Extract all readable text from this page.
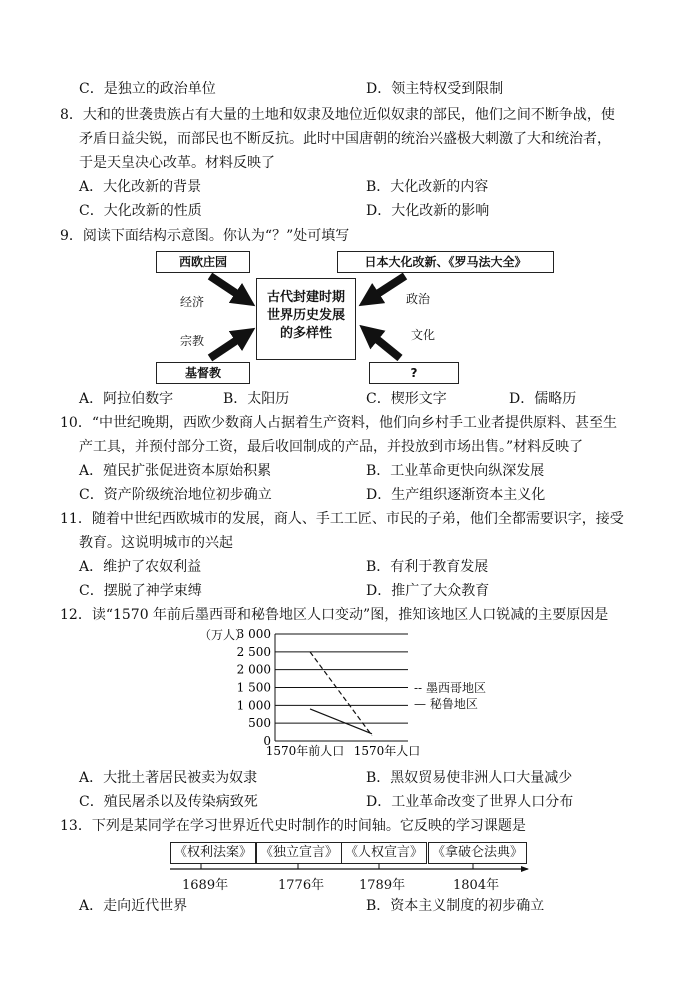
C．是独立的政治单位	D．领主特权受到限制
8．大和的世袭贵族占有大量的土地和奴隶及地位近似奴隶的部民，他们之间不断争战，使
矛盾日益尖锐，而部民也不断反抗。此时中国唐朝的统治兴盛极大刺激了大和统治者，
于是天皇决心改革。材料反映了
A．大化改新的背景	B．大化改新的内容
C．大化改新的性质	D．大化改新的影响
9．阅读下面结构示意图。你认为“？”处可填写
西欧庄园	日本大化改新、《罗马法大全》
古代封建时期
世界历史发展
的多样性
基督教	?
经济
宗教
政治
文化
A．阿拉伯数字	B．太阳历	C．楔形文字	D．儒略历
10．“中世纪晚期，西欧少数商人占据着生产资料，他们向乡村手工业者提供原料、甚至生
产工具，并预付部分工资，最后收回制成的产品，并投放到市场出售。”材料反映了
A．殖民扩张促进资本原始积累	B．工业革命更快向纵深发展
C．资产阶级统治地位初步确立	D．生产组织逐渐资本主义化
11．随着中世纪西欧城市的发展，商人、手工工匠、市民的子弟，他们全都需要识字，接受
教育。这说明城市的兴起
A．维护了农奴利益	B．有利于教育发展
C．摆脱了神学束缚	D．推广了大众教育
12．读“1570 年前后墨西哥和秘鲁地区人口变动”图，推知该地区人口锐减的主要原因是
0
500
1 000
1 500
2 000
2 500
3 000
1570年前人口 1570年人口
（万人）
-- 墨西哥地区
— 秘鲁地区
A．大批土著居民被卖为奴隶	B．黑奴贸易使非洲人口大量减少
C．殖民屠杀以及传染病致死	D．工业革命改变了世界人口分布
13．下列是某同学在学习世界近代史时制作的时间轴。它反映的学习课题是
《权利法案》 《独立宣言》 《人权宣言》 《拿破仑法典》
1689年	1776年	1789年	1804年
A．走向近代世界	B．资本主义制度的初步确立
